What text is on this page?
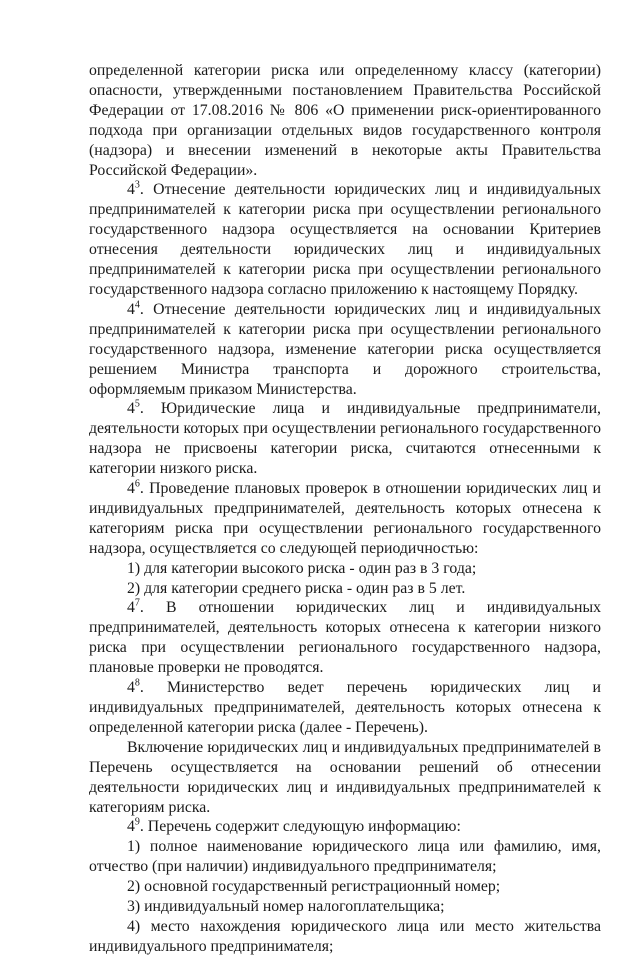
определенной категории риска или определенному классу (категории) опасности, утвержденными постановлением Правительства Российской Федерации от 17.08.2016 № 806 «О применении риск-ориентированного подхода при организации отдельных видов государственного контроля (надзора) и внесении изменений в некоторые акты Правительства Российской Федерации».

$4^3$. Отнесение деятельности юридических лиц и индивидуальных предпринимателей к категории риска при осуществлении регионального государственного надзора осуществляется на основании Критериев отнесения деятельности юридических лиц и индивидуальных предпринимателей к категории риска при осуществлении регионального государственного надзора согласно приложению к настоящему Порядку.

$4^4$. Отнесение деятельности юридических лиц и индивидуальных предпринимателей к категории риска при осуществлении регионального государственного надзора, изменение категории риска осуществляется решением Министра транспорта и дорожного строительства, оформляемым приказом Министерства.

$4^5$. Юридические лица и индивидуальные предприниматели, деятельности которых при осуществлении регионального государственного надзора не присвоены категории риска, считаются отнесенными к категории низкого риска.

$4^6$. Проведение плановых проверок в отношении юридических лиц и индивидуальных предпринимателей, деятельность которых отнесена к категориям риска при осуществлении регионального государственного надзора, осуществляется со следующей периодичностью:

1) для категории высокого риска - один раз в 3 года;

2) для категории среднего риска - один раз в 5 лет.

$4^7$. В отношении юридических лиц и индивидуальных предпринимателей, деятельность которых отнесена к категории низкого риска при осуществлении регионального государственного надзора, плановые проверки не проводятся.

$4^8$. Министерство ведет перечень юридических лиц и индивидуальных предпринимателей, деятельность которых отнесена к определенной категории риска (далее - Перечень).

Включение юридических лиц и индивидуальных предпринимателей в Перечень осуществляется на основании решений об отнесении деятельности юридических лиц и индивидуальных предпринимателей к категориям риска.

$4^9$. Перечень содержит следующую информацию:

1) полное наименование юридического лица или фамилию, имя, отчество (при наличии) индивидуального предпринимателя;

2) основной государственный регистрационный номер;

3) индивидуальный номер налогоплательщика;

4) место нахождения юридического лица или место жительства индивидуального предпринимателя;
